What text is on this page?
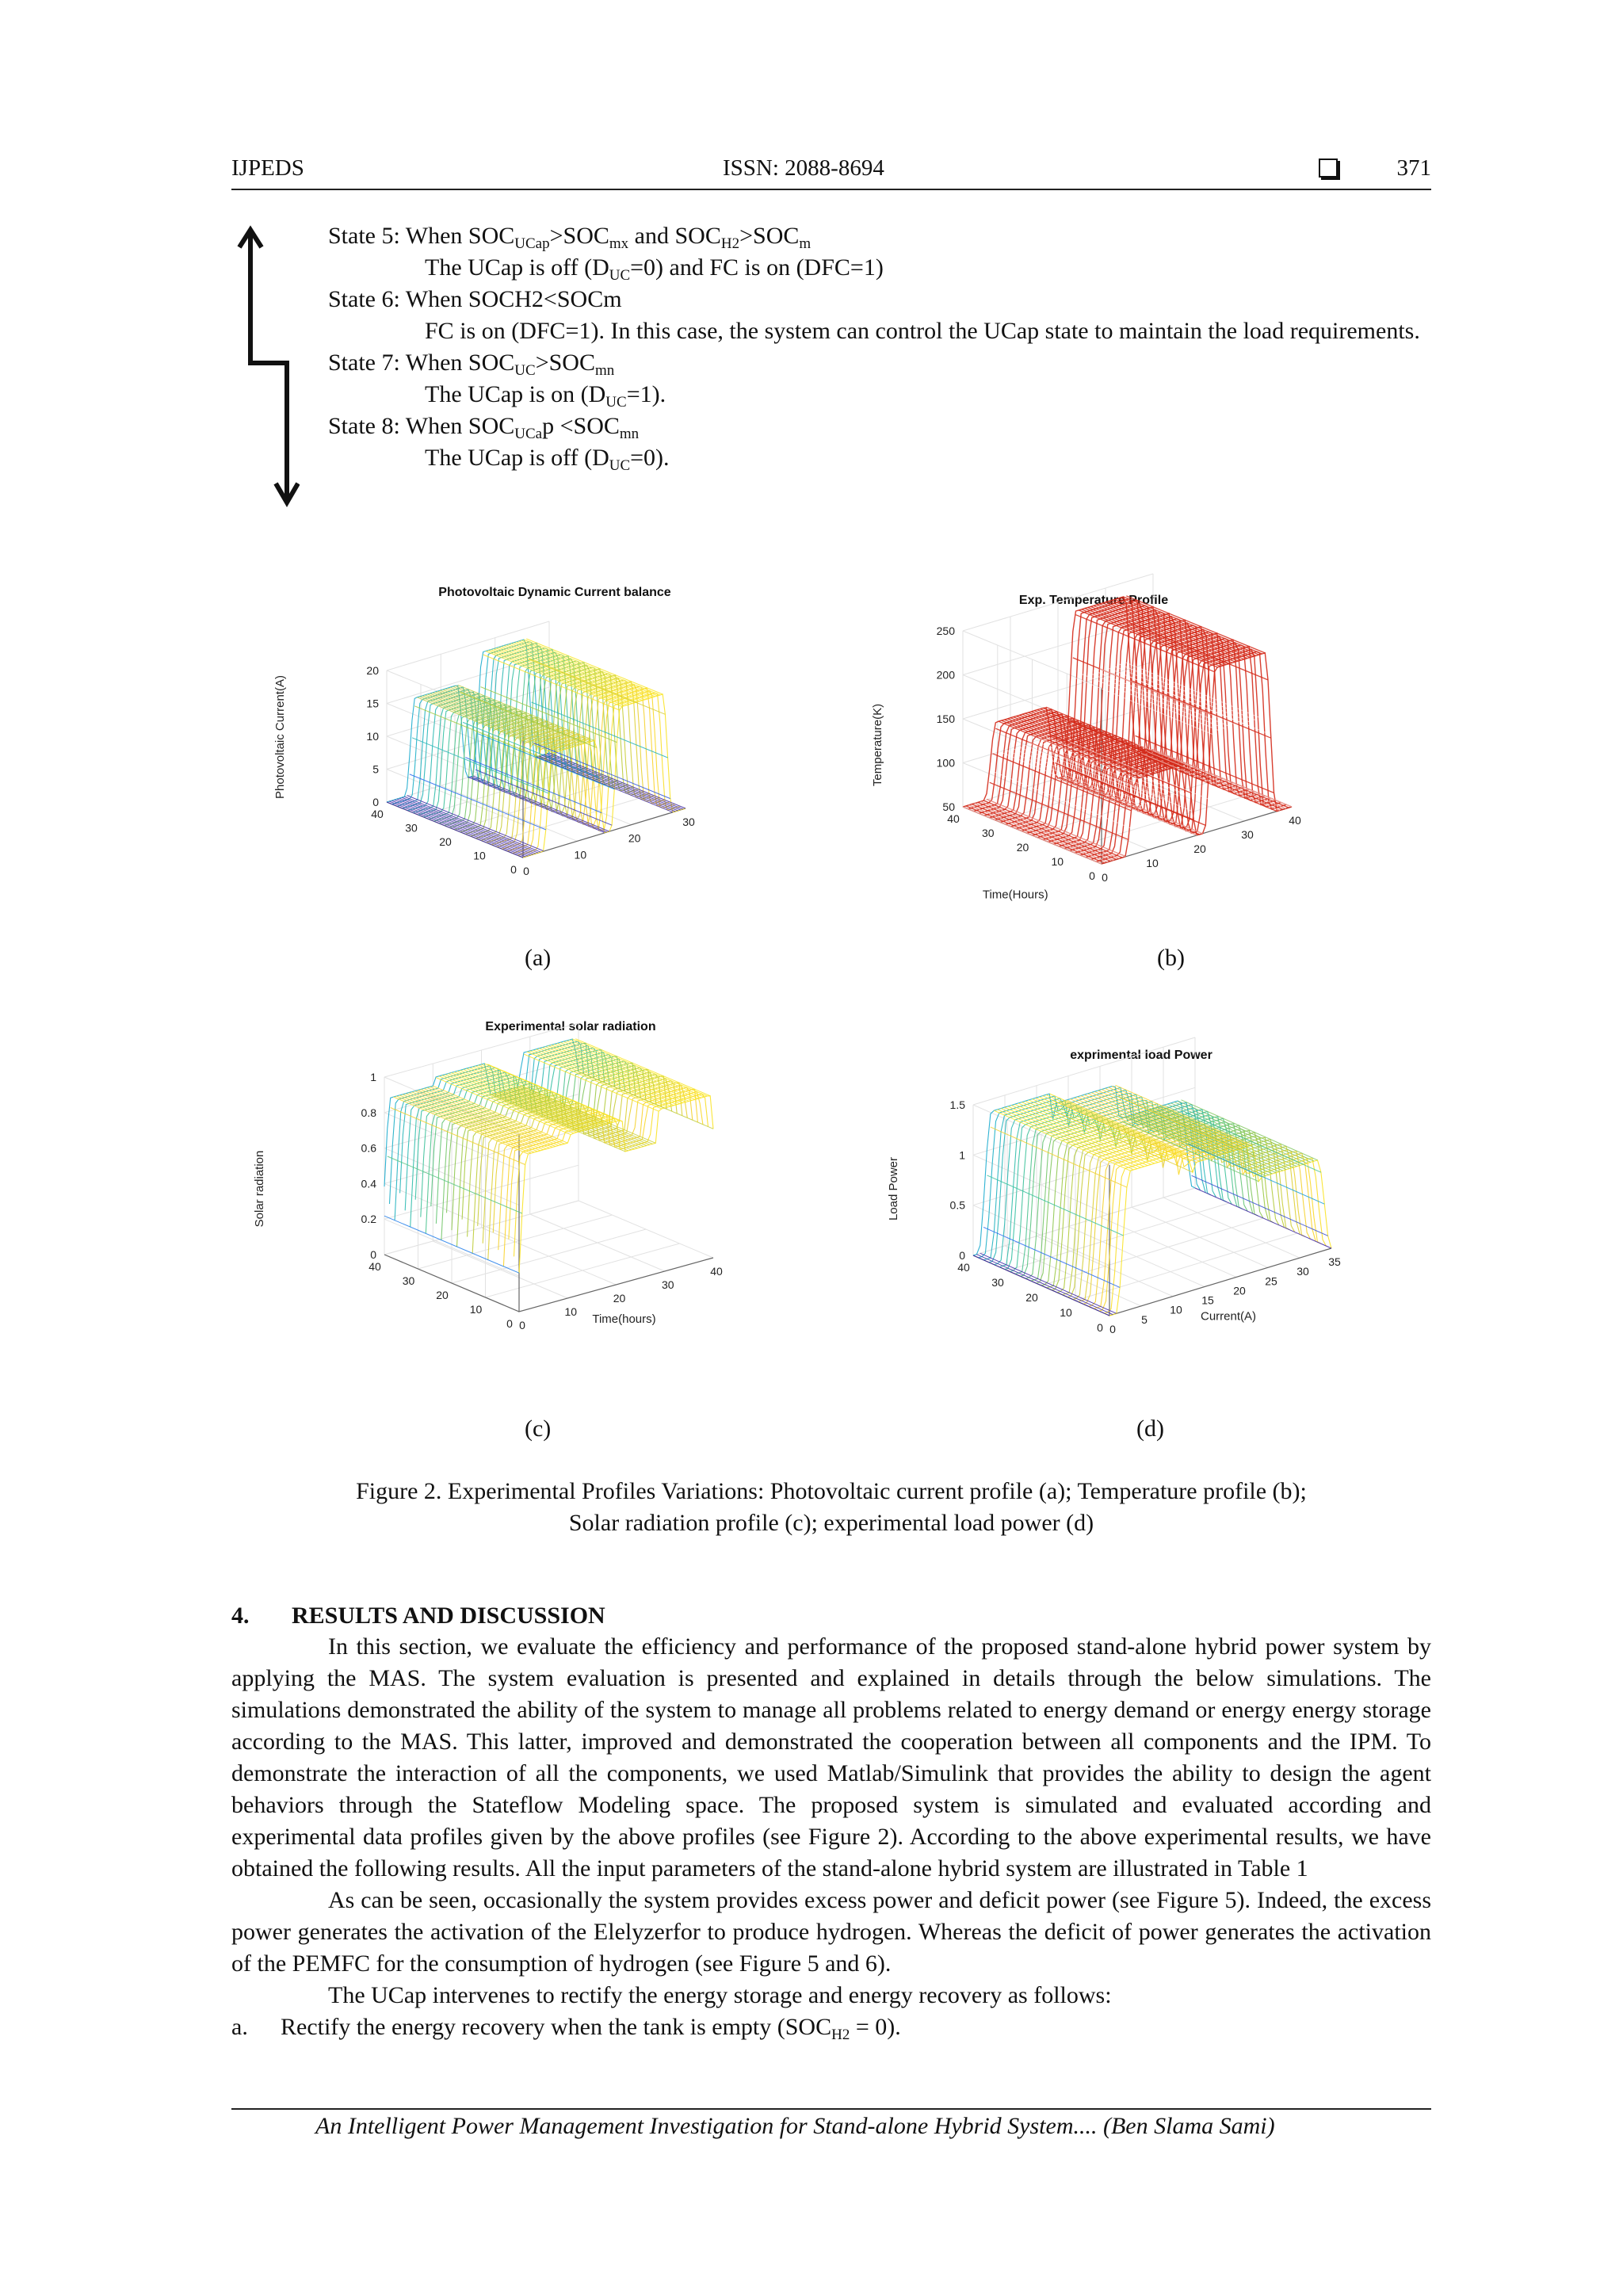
IJPEDS	ISSN: 2088-8694	371

State 5: When $SOC_{UCap}>SOC_{mx}$ and $SOC_{H2}>SOC_m$

The UCap is off $(D_{UC}=0)$ and FC is on (DFC=1)

State 6: When SOCH2<SOCm

FC is on (DFC=1). In this case, the system can control the UCap state to maintain the load requirements.

State 7: When $SOC_{UC}>SOC_{mn}$

The UCap is on $(D_{UC}=1)$.

State 8: When $SOC_{UCa}p <SOC_{mn}$

The UCap is off $(D_{UC}=0)$.

Photovoltaic Dynamic Current balance
0
5
10
15
20
0
10
20
30
0
10
20
30
40
Photovoltaic Current(A)
Exp. Temperature Profile
50
100
150
200
250
0
10
20
30
40
0
10
20
30
40
Temperature(K)
Time(Hours)
Experimental solar radiation
0
0.2
0.4
0.6
0.8
1
0
10
20
30
40
0
10
20
30
40
Solar radiation
Time(hours)
exprimental load Power
0
0.5
1
1.5
0
5
10
15
20
25
30
35
0
10
20
30
40
Load Power
Current(A)
(a)	(b)
(c)	(d)
Figure 2. Experimental Profiles Variations: Photovoltaic current profile (a); Temperature profile (b);
Solar radiation profile (c); experimental load power (d)
4. RESULTS AND DISCUSSION

In this section, we evaluate the efficiency and performance of the proposed stand-alone hybrid power system by applying the MAS. The system evaluation is presented and explained in details through the below simulations. The simulations demonstrated the ability of the system to manage all problems related to energy demand or energy energy storage according to the MAS. This latter, improved and demonstrated the cooperation between all components and the IPM. To demonstrate the interaction of all the components, we used Matlab/Simulink that provides the ability to design the agent behaviors through the Stateflow Modeling space. The proposed system is simulated and evaluated according and experimental data profiles given by the above profiles (see Figure 2). According to the above experimental results, we have obtained the following results. All the input parameters of the stand-alone hybrid system are illustrated in Table 1

As can be seen, occasionally the system provides excess power and deficit power (see Figure 5). Indeed, the excess power generates the activation of the Elelyzerfor to produce hydrogen. Whereas the deficit of power generates the activation of the PEMFC for the consumption of hydrogen (see Figure 5 and 6).

The UCap intervenes to rectify the energy storage and energy recovery as follows:

a. Rectify the energy recovery when the tank is empty $(SOC_{H2} = 0)$.

An Intelligent Power Management Investigation for Stand-alone Hybrid System.... (Ben Slama Sami)
